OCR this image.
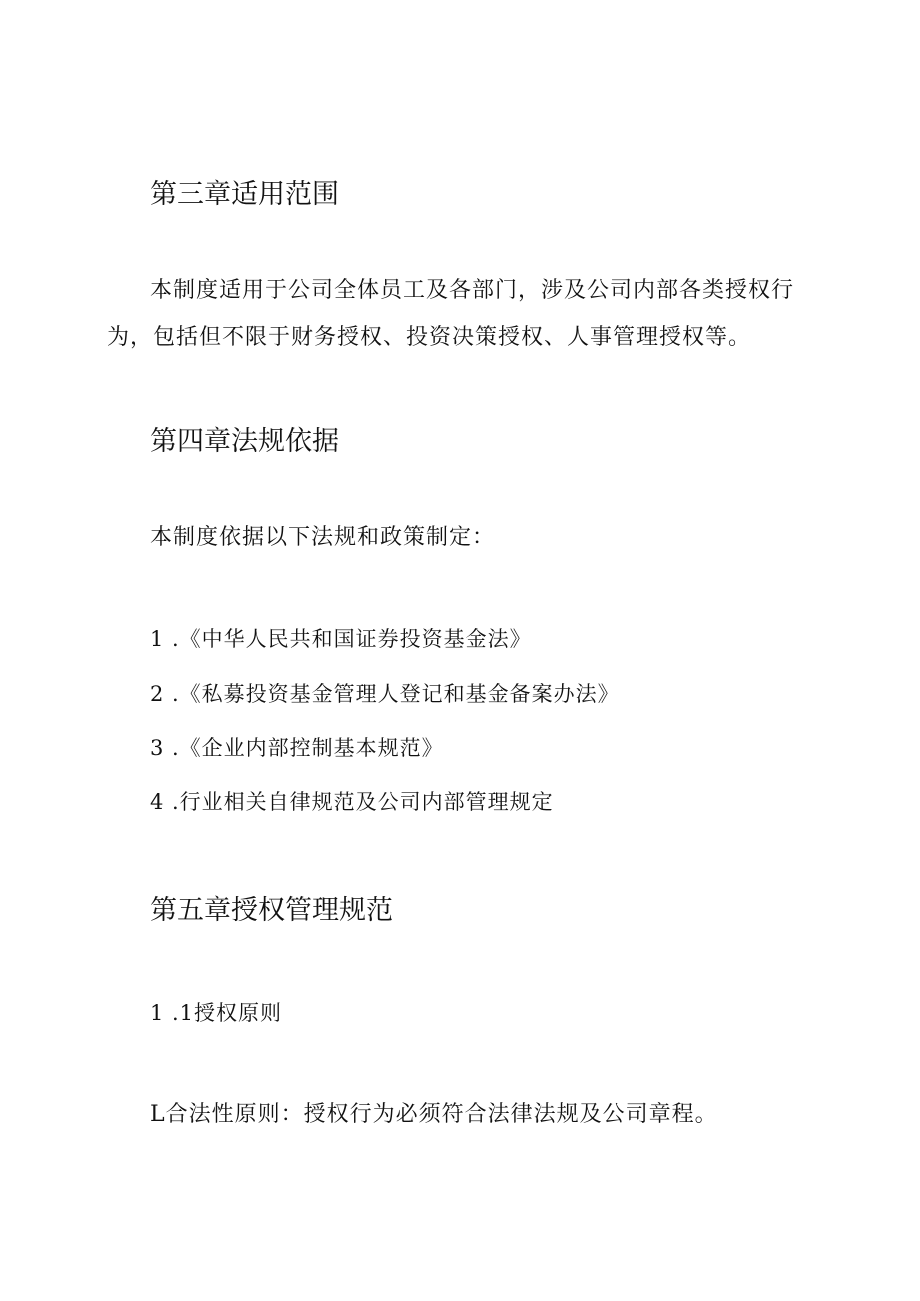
第三章适用范围
本制度适用于公司全体员工及各部门，涉及公司内部各类授权行
为，包括但不限于财务授权、投资决策授权、人事管理授权等。
第四章法规依据
本制度依据以下法规和政策制定：
1 .《中华人民共和国证券投资基金法》
2 .《私募投资基金管理人登记和基金备案办法》
3 .《企业内部控制基本规范》
4 .行业相关自律规范及公司内部管理规定
第五章授权管理规范
1 .1授权原则
L合法性原则：授权行为必须符合法律法规及公司章程。
